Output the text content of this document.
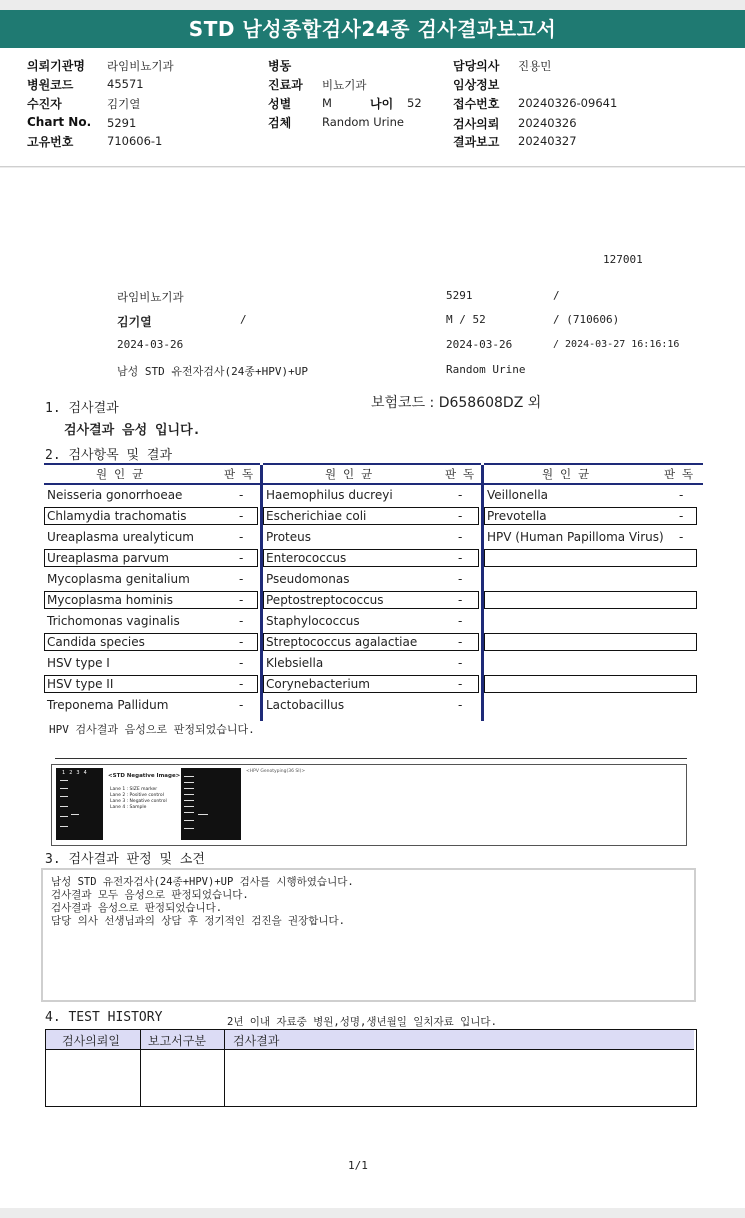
STD 남성종합검사24종 검사결과보고서
의뢰기관명 라임비뇨기과
병원코드	45571
수진자	김기열
Chart No. 5291
고유번호	710606-1
병동
진료과 비뇨기과
성별	M	나이 52
검체	Random Urine
담당의사 진용민
임상정보
접수번호 20240326-09641
검사의뢰 20240326
결과보고 20240327
127001
라임비뇨기과	5291	/
김기열	/	M / 52	/ (710606)
2024-03-26	2024-03-26	/ 2024-03-27 16:16:16
남성 STD 유전자검사(24종+HPV)+UP	Random Urine
1. 검사결과	보험코드 : D658608DZ 외
검사결과 음성 입니다.
2. 검사항목 및 결과
원 인 균	판 독
Neisseria gonorrhoeae	-
Chlamydia trachomatis	-
Ureaplasma urealyticum	-
Ureaplasma parvum	-
Mycoplasma genitalium	-
Mycoplasma hominis	-
Trichomonas vaginalis	-
Candida species	-
HSV type I	-
HSV type II	-
Treponema Pallidum	-
원 인 균	판 독
Haemophilus ducreyi	-
Escherichiae coli	-
Proteus	-
Enterococcus	-
Pseudomonas	-
Peptostreptococcus	-
Staphylococcus	-
Streptococcus agalactiae	-
Klebsiella	-
Corynebacterium	-
Lactobacillus	-
원 인 균	판 독
Veillonella	-
Prevotella	-
HPV (Human Papilloma Virus) -
HPV 검사결과 음성으로 판정되었습니다.
1234	<STD Negative Image>
Lane 1 : SIZE marker
Lane 2 : Positive control
Lane 3 : Negative control
Lane 4 : Sample
<HPV Genotyping(36 SI)>
3. 검사결과 판정 및 소견
남성 STD 유전자검사(24종+HPV)+UP 검사를 시행하였습니다.
검사결과 모두 음성으로 판정되었습니다.
검사결과 음성으로 판정되었습니다.
담당 의사 선생님과의 상담 후 정기적인 검진을 권장합니다.
4. TEST HISTORY	2년 이내 자료중 병원,성명,생년월일 일치자료 입니다.
검사의뢰일 보고서구분 검사결과
1/1
